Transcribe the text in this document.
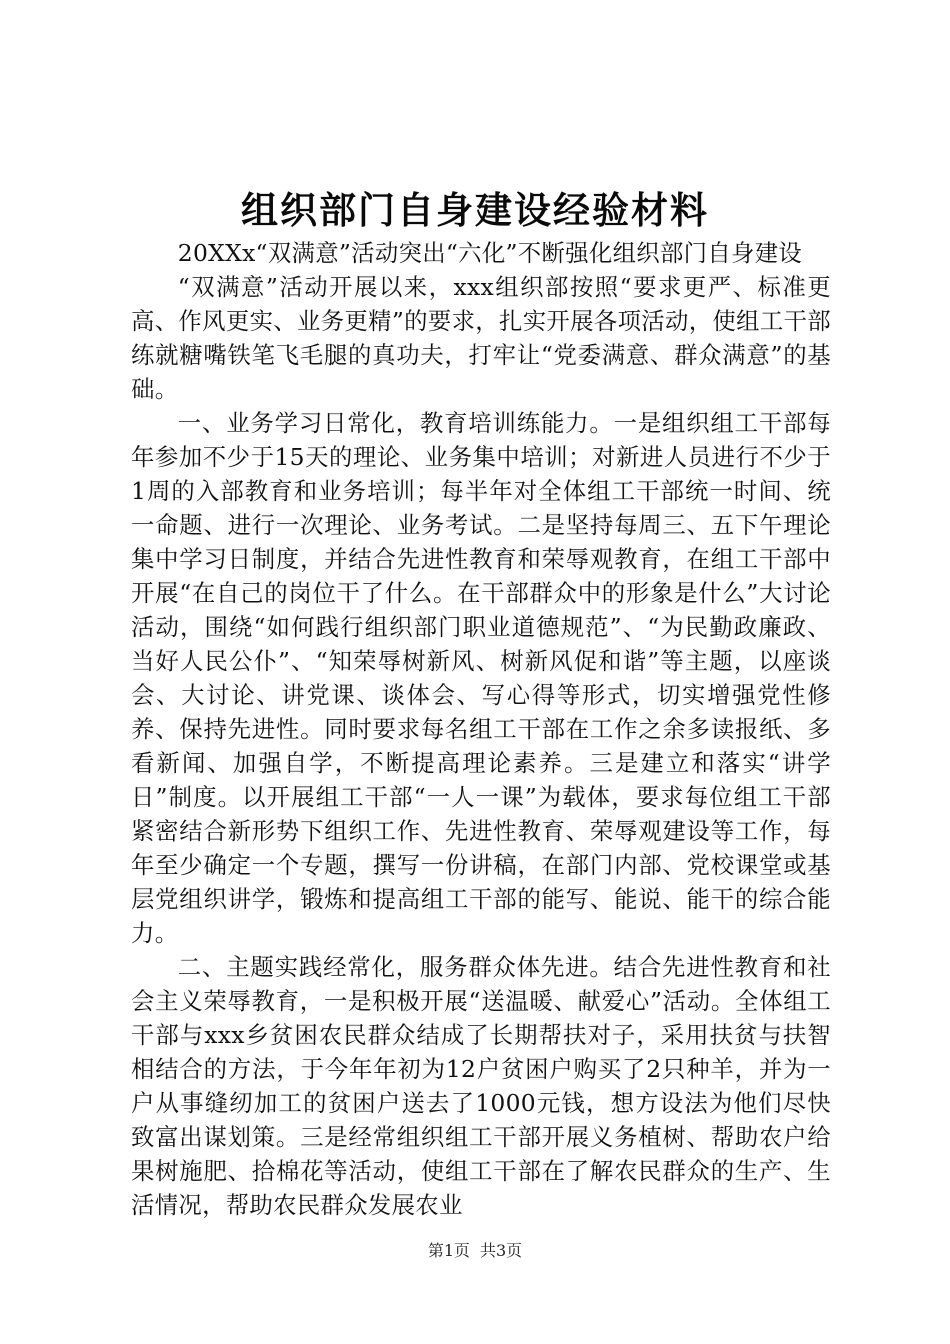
组织部门自身建设经验材料

20XXx“双满意”活动突出“六化”不断强化组织部门自身建设

“双满意”活动开展以来，xxx组织部按照“要求更严、标准更高、作风更实、业务更精”的要求，扎实开展各项活动，使组工干部练就糖嘴铁笔飞毛腿的真功夫，打牢让“党委满意、群众满意”的基础。

一、业务学习日常化，教育培训练能力。一是组织组工干部每年参加不少于15天的理论、业务集中培训；对新进人员进行不少于1周的入部教育和业务培训；每半年对全体组工干部统一时间、统一命题、进行一次理论、业务考试。二是坚持每周三、五下午理论集中学习日制度，并结合先进性教育和荣辱观教育，在组工干部中开展“在自己的岗位干了什么。在干部群众中的形象是什么”大讨论活动，围绕“如何践行组织部门职业道德规范”、“为民勤政廉政、当好人民公仆”、“知荣辱树新风、树新风促和谐”等主题，以座谈会、大讨论、讲党课、谈体会、写心得等形式，切实增强党性修养、保持先进性。同时要求每名组工干部在工作之余多读报纸、多看新闻、加强自学，不断提高理论素养。三是建立和落实“讲学日”制度。以开展组工干部“一人一课”为载体，要求每位组工干部紧密结合新形势下组织工作、先进性教育、荣辱观建设等工作，每年至少确定一个专题，撰写一份讲稿，在部门内部、党校课堂或基层党组织讲学，锻炼和提高组工干部的能写、能说、能干的综合能力。

二、主题实践经常化，服务群众体先进。结合先进性教育和社会主义荣辱教育，一是积极开展“送温暖、献爱心”活动。全体组工干部与xxx乡贫困农民群众结成了长期帮扶对子，采用扶贫与扶智相结合的方法，于今年年初为12户贫困户购买了2只种羊，并为一户从事缝纫加工的贫困户送去了1000元钱，想方设法为他们尽快致富出谋划策。三是经常组织组工干部开展义务植树、帮助农户给果树施肥、拾棉花等活动，使组工干部在了解农民群众的生产、生活情况，帮助农民群众发展农业

第1页 共3页
